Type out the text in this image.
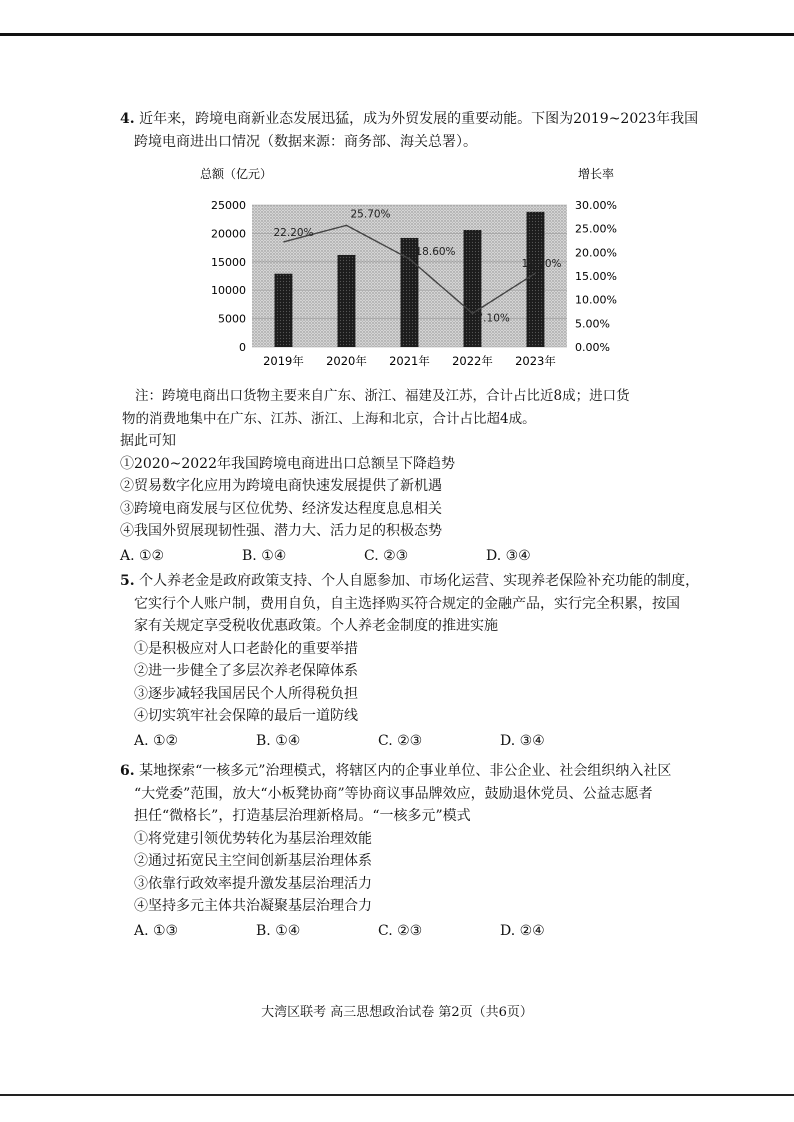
4. 近年来，跨境电商新业态发展迅猛，成为外贸发展的重要动能。下图为2019~2023年我国
跨境电商进出口情况（数据来源：商务部、海关总署）。
总额（亿元）	增长率
0
5000
10000
15000
20000
25000
0.00%
5.00%
10.00%
15.00%
20.00%
25.00%
30.00%
2019年 2020年 2021年 2022年 2023年
22.20%
25.70%
18.60%
7.10%
15.60%
注：跨境电商出口货物主要来自广东、浙江、福建及江苏，合计占比近8成；进口货
物的消费地集中在广东、江苏、浙江、上海和北京，合计占比超4成。
据此可知
①2020~2022年我国跨境电商进出口总额呈下降趋势
②贸易数字化应用为跨境电商快速发展提供了新机遇
③跨境电商发展与区位优势、经济发达程度息息相关
④我国外贸展现韧性强、潜力大、活力足的积极态势
A. ①②	B. ①④	C. ②③	D. ③④
5. 个人养老金是政府政策支持、个人自愿参加、市场化运营、实现养老保险补充功能的制度，
它实行个人账户制，费用自负，自主选择购买符合规定的金融产品，实行完全积累，按国
家有关规定享受税收优惠政策。个人养老金制度的推进实施
①是积极应对人口老龄化的重要举措
②进一步健全了多层次养老保障体系
③逐步减轻我国居民个人所得税负担
④切实筑牢社会保障的最后一道防线
A. ①②	B. ①④	C. ②③	D. ③④
6. 某地探索“一核多元”治理模式，将辖区内的企事业单位、非公企业、社会组织纳入社区
“大党委”范围，放大“小板凳协商”等协商议事品牌效应，鼓励退休党员、公益志愿者
担任“微格长”，打造基层治理新格局。“一核多元”模式
①将党建引领优势转化为基层治理效能
②通过拓宽民主空间创新基层治理体系
③依靠行政效率提升激发基层治理活力
④坚持多元主体共治凝聚基层治理合力
A. ①③	B. ①④	C. ②③	D. ②④
大湾区联考 高三思想政治试卷 第2页（共6页）
